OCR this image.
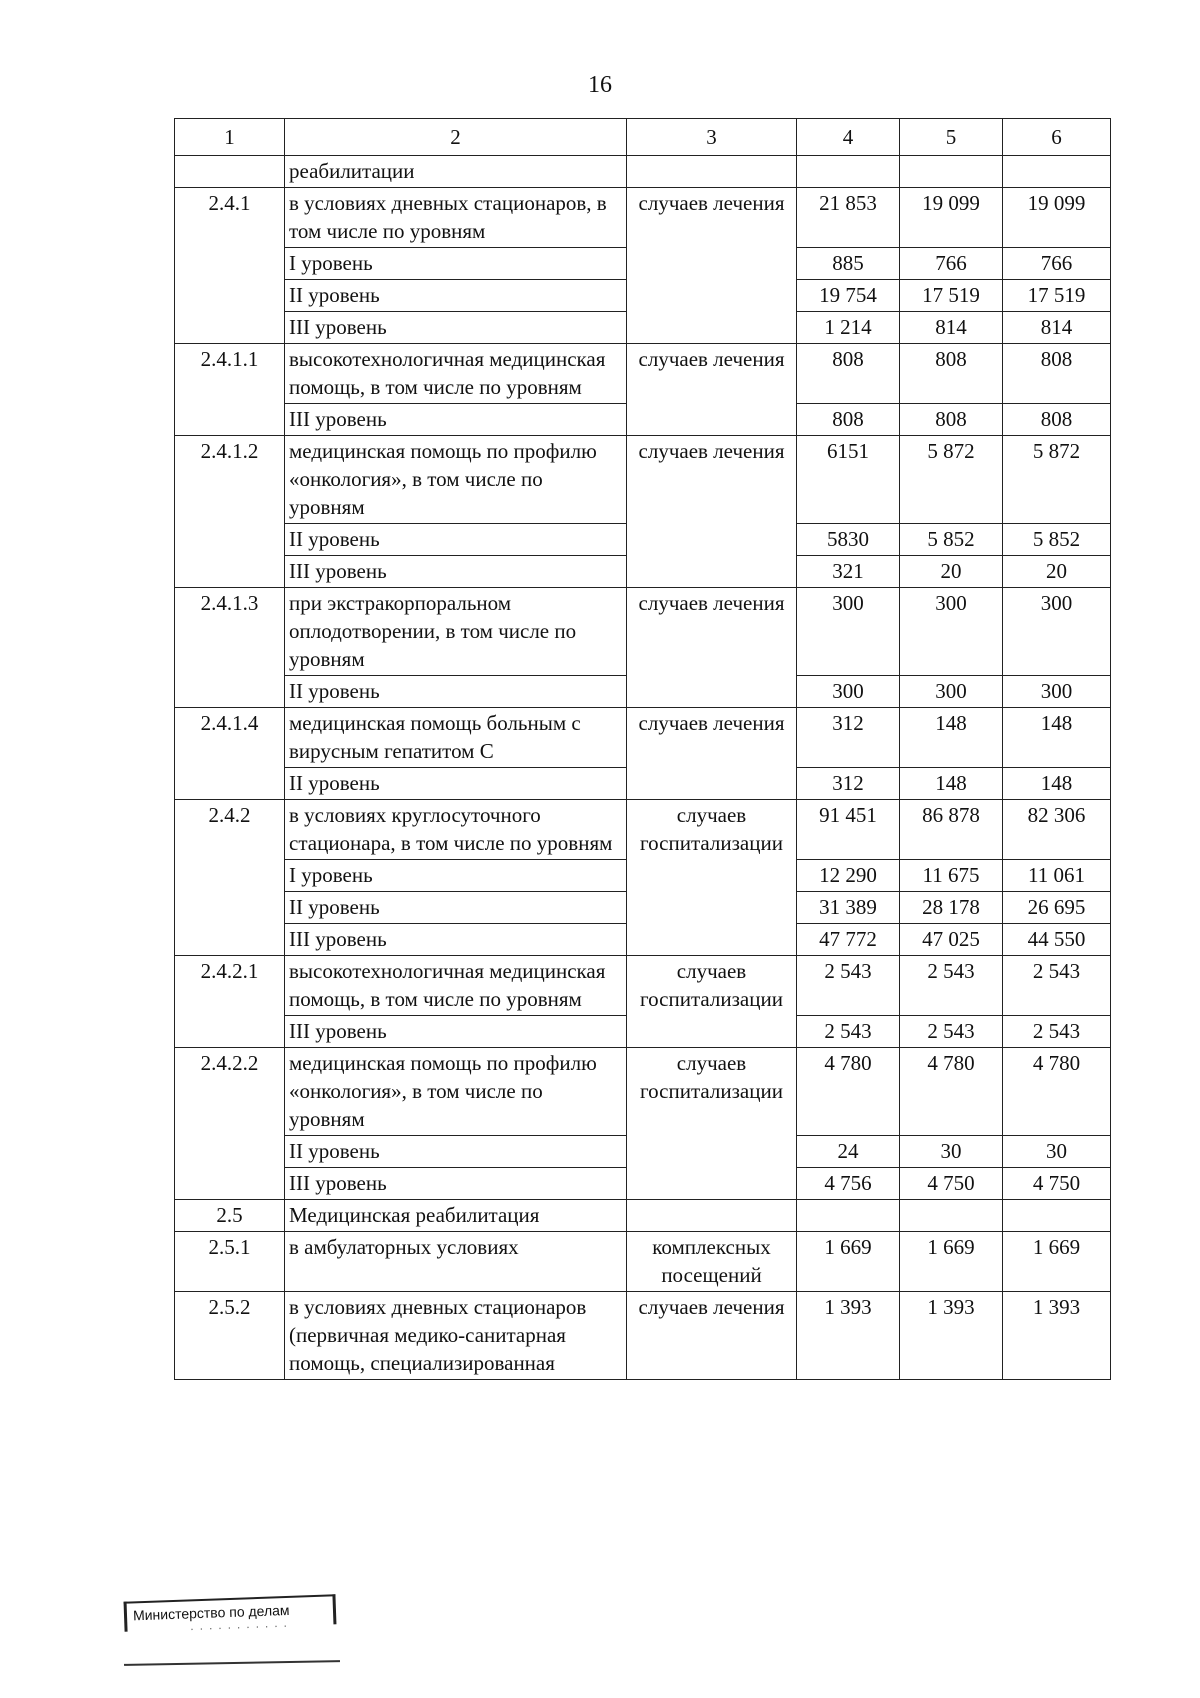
16
1	2	3	4	5	6
	реабилитации				
2.4.1	в условиях дневных стационаров, в том числе по уровням	случаев лечения	21 853	19 099	19 099
	I уровень		885	766	766
	II уровень		19 754	17 519	17 519
	III уровень		1 214	814	814
2.4.1.1	высокотехнологичная медицинская помощь, в том числе по уровням	случаев лечения	808	808	808
	III уровень		808	808	808
2.4.1.2	медицинская помощь по профилю «онкология», в том числе по уровням	случаев лечения	6151	5 872	5 872
	II уровень		5830	5 852	5 852
	III уровень		321	20	20
2.4.1.3	при экстракорпоральном оплодотворении, в том числе по уровням	случаев лечения	300	300	300
	II уровень		300	300	300
2.4.1.4	медицинская помощь больным с вирусным гепатитом С	случаев лечения	312	148	148
	II уровень		312	148	148
2.4.2	в условиях круглосуточного стационара, в том числе по уровням	случаев госпитализации	91 451	86 878	82 306
	I уровень		12 290	11 675	11 061
	II уровень		31 389	28 178	26 695
	III уровень		47 772	47 025	44 550
2.4.2.1	высокотехнологичная медицинская помощь, в том числе по уровням	случаев госпитализации	2 543	2 543	2 543
	III уровень		2 543	2 543	2 543
2.4.2.2	медицинская помощь по профилю «онкология», в том числе по уровням	случаев госпитализации	4 780	4 780	4 780
	II уровень		24	30	30
	III уровень		4 756	4 750	4 750
2.5	Медицинская реабилитация				
2.5.1	в амбулаторных условиях	комплексных посещений	1 669	1 669	1 669
2.5.2	в условиях дневных стационаров (первичная медико-санитарная помощь, специализированная	случаев лечения	1 393	1 393	1 393
Министерство по делам
· · · · · · · · · · ·
